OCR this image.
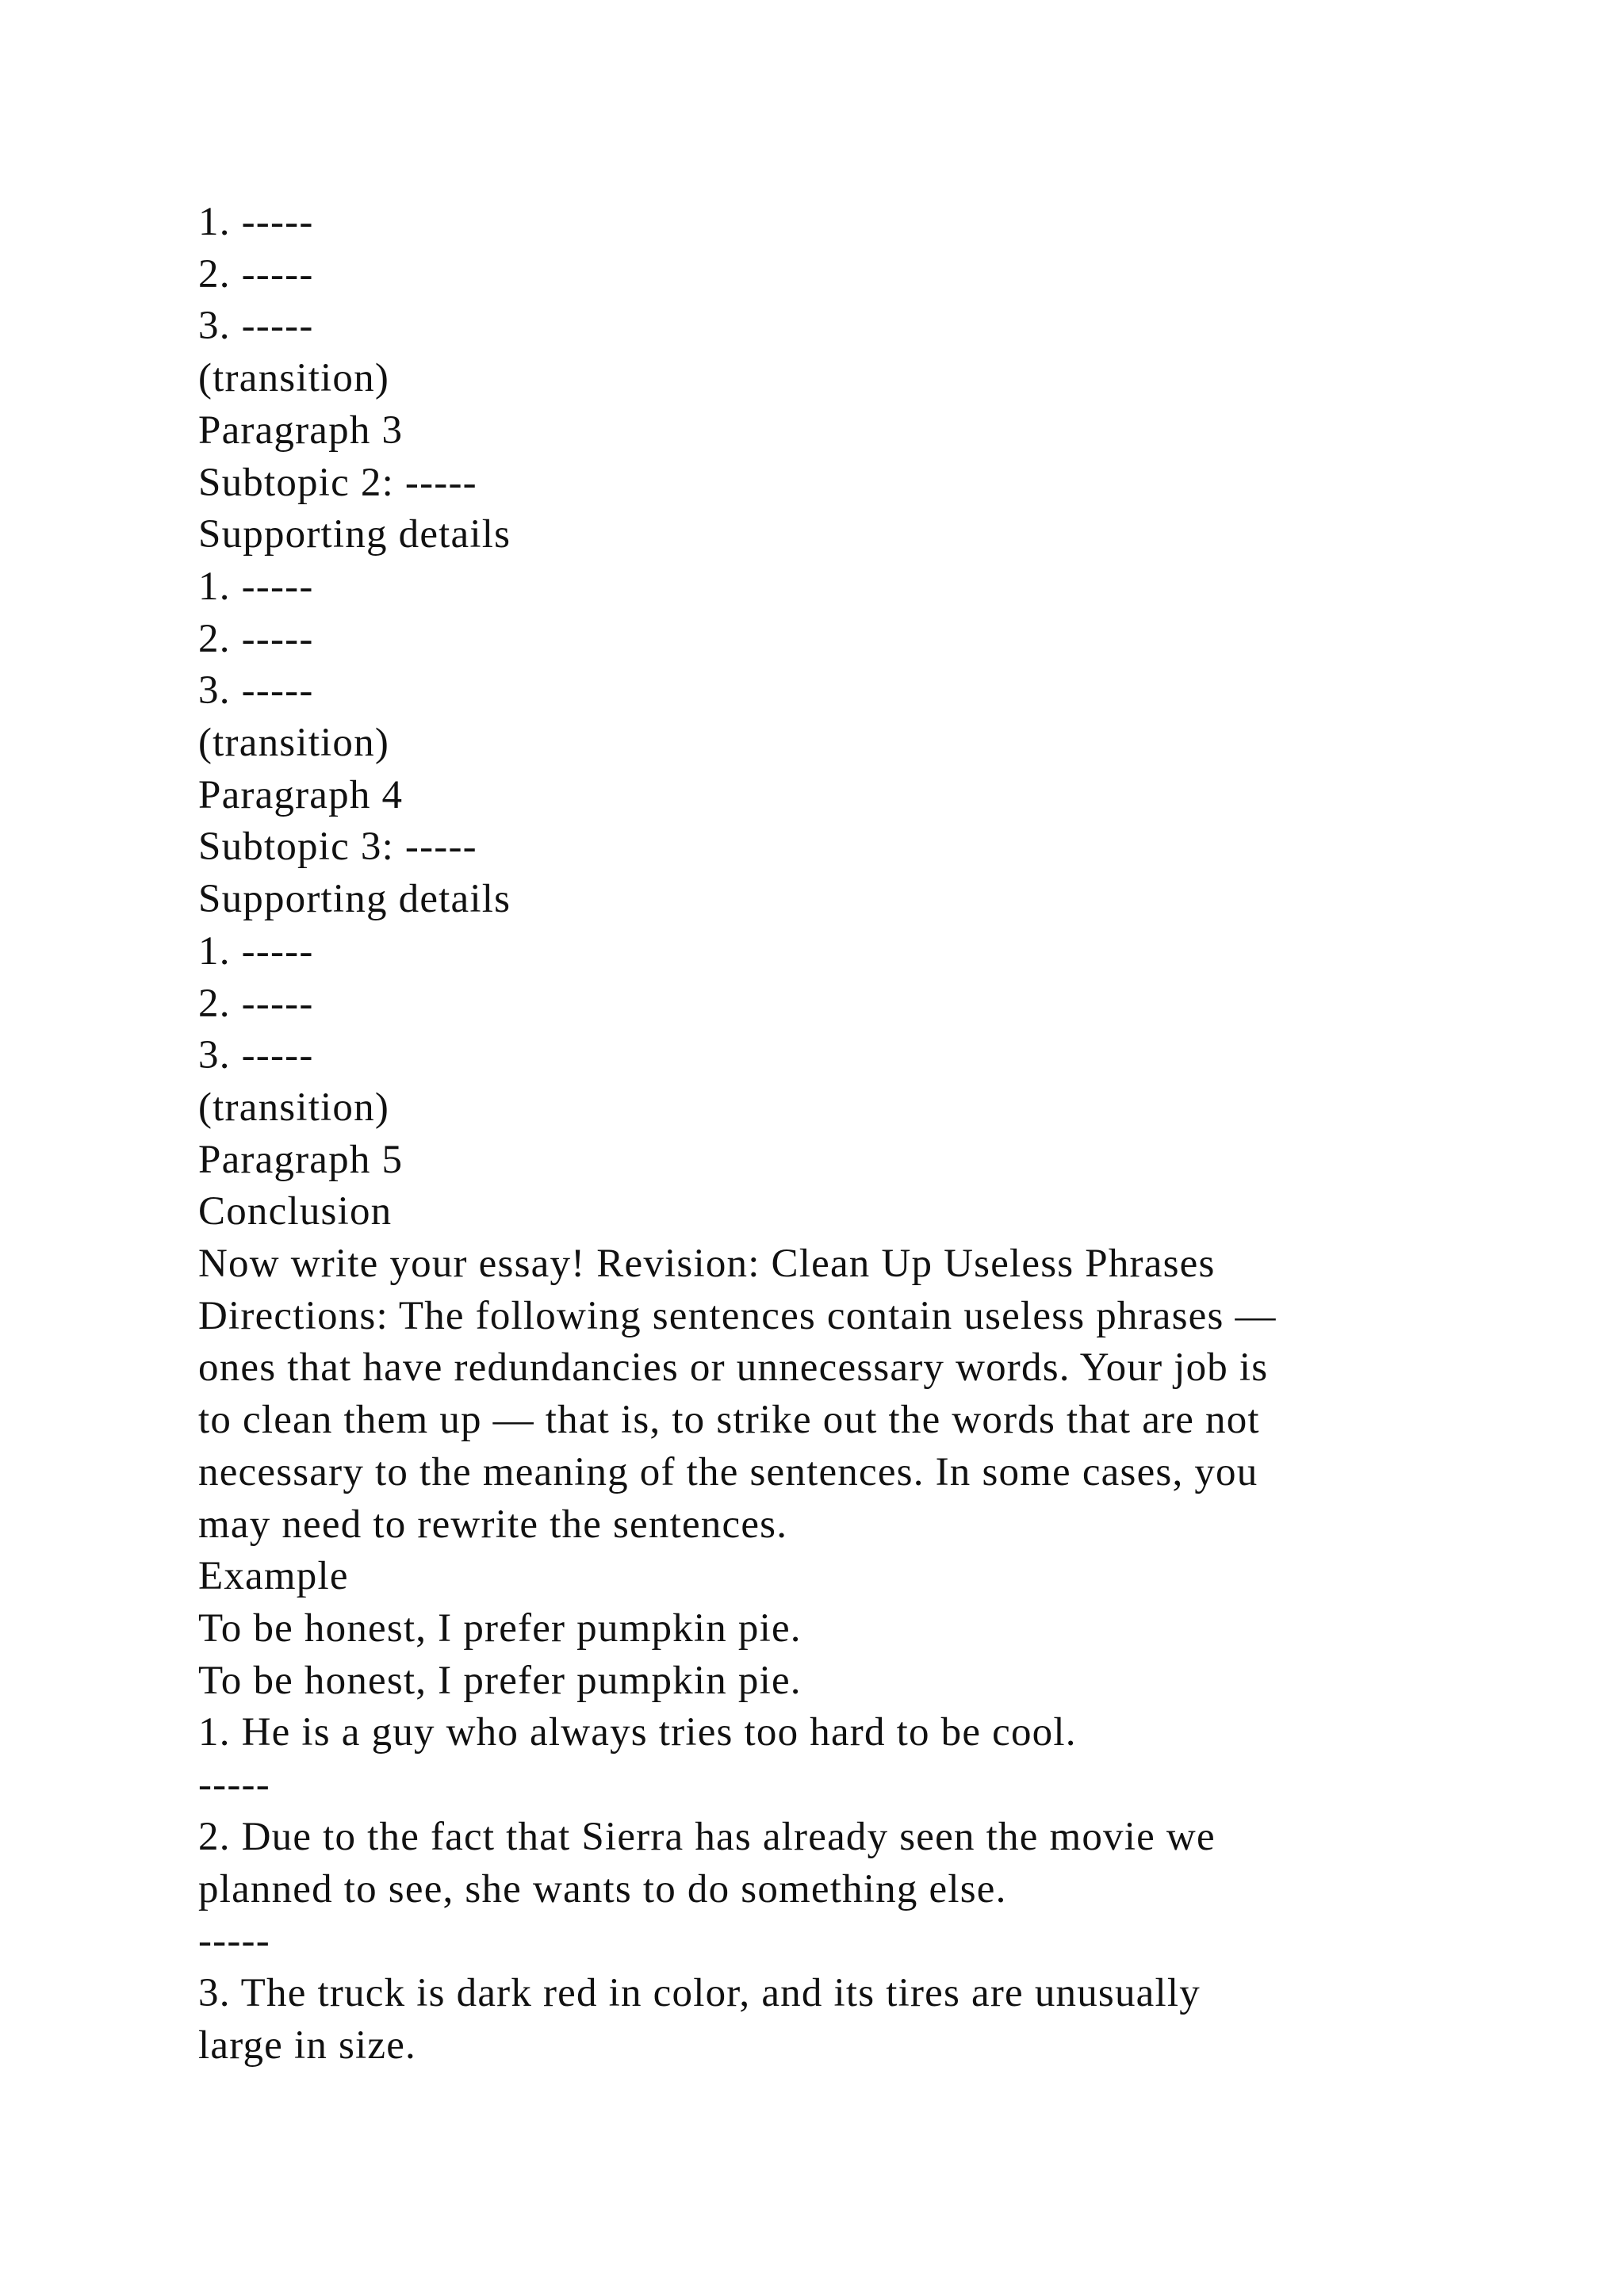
1. -----
2. -----
3. -----
(transition)
Paragraph 3
Subtopic 2: -----
Supporting details
1. -----
2. -----
3. -----
(transition)
Paragraph 4
Subtopic 3: -----
Supporting details
1. -----
2. -----
3. -----
(transition)
Paragraph 5
Conclusion
Now write your essay! Revision: Clean Up Useless Phrases
Directions: The following sentences contain useless phrases —
ones that have redundancies or unnecessary words. Your job is
to clean them up — that is, to strike out the words that are not
necessary to the meaning of the sentences. In some cases, you
may need to rewrite the sentences.
Example
To be honest, I prefer pumpkin pie.
To be honest, I prefer pumpkin pie.
1. He is a guy who always tries too hard to be cool.
-----
2. Due to the fact that Sierra has already seen the movie we
planned to see, she wants to do something else.
-----
3. The truck is dark red in color, and its tires are unusually
large in size.
